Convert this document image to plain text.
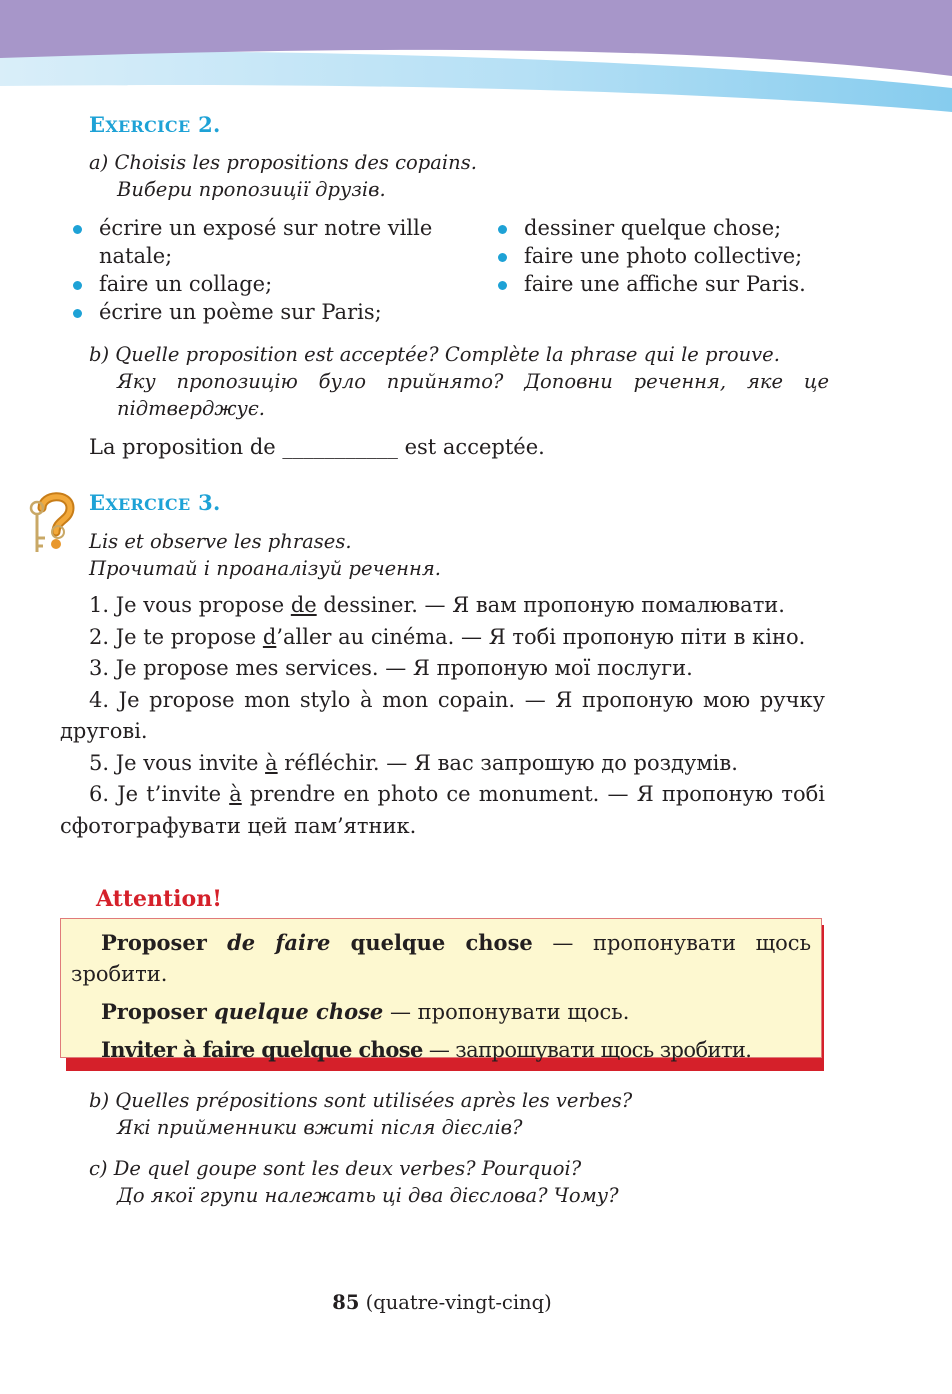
EXERCICE 2.
a) Choisis les propositions des copains.
Вибери пропозиції друзів.
écrire un exposé sur notre ville natale;
faire un collage;
écrire un poème sur Paris;
dessiner quelque chose;
faire une photo collective;
faire une affiche sur Paris.
b) Quelle proposition est acceptée? Complète la phrase qui le prouve.
Яку пропозицію було прийнято? Доповни речення, яке це підтверджує.
La proposition de ___________ est acceptée.
EXERCICE 3.
Lis et observe les phrases.
Прочитай і проаналізуй речення.

1. Je vous propose de dessiner. — Я вам пропоную помалювати.

2. Je te propose d’aller au cinéma. — Я тобі пропоную піти в кіно.

3. Je propose mes services. — Я пропоную мої послуги.

4. Je propose mon stylo à mon copain. — Я пропоную мою ручку другові.

5. Je vous invite à réfléchir. — Я вас запрошую до роздумів.

6. Je t’invite à prendre en photo ce monument. — Я пропоную тобі сфотографувати цей пам’ятник.

Attention!

Proposer de faire quelque chose — пропонувати щось зробити.

Proposer quelque chose — пропонувати щось.

Inviter à faire quelque chose — запрошувати щось зробити.

b) Quelles prépositions sont utilisées après les verbes?
Які прийменники вжиті після дієслів?
c) De quel goupe sont les deux verbes? Pourquoi?
До якої групи належать ці два дієслова? Чому?
85 (quatre-vingt-cinq)
